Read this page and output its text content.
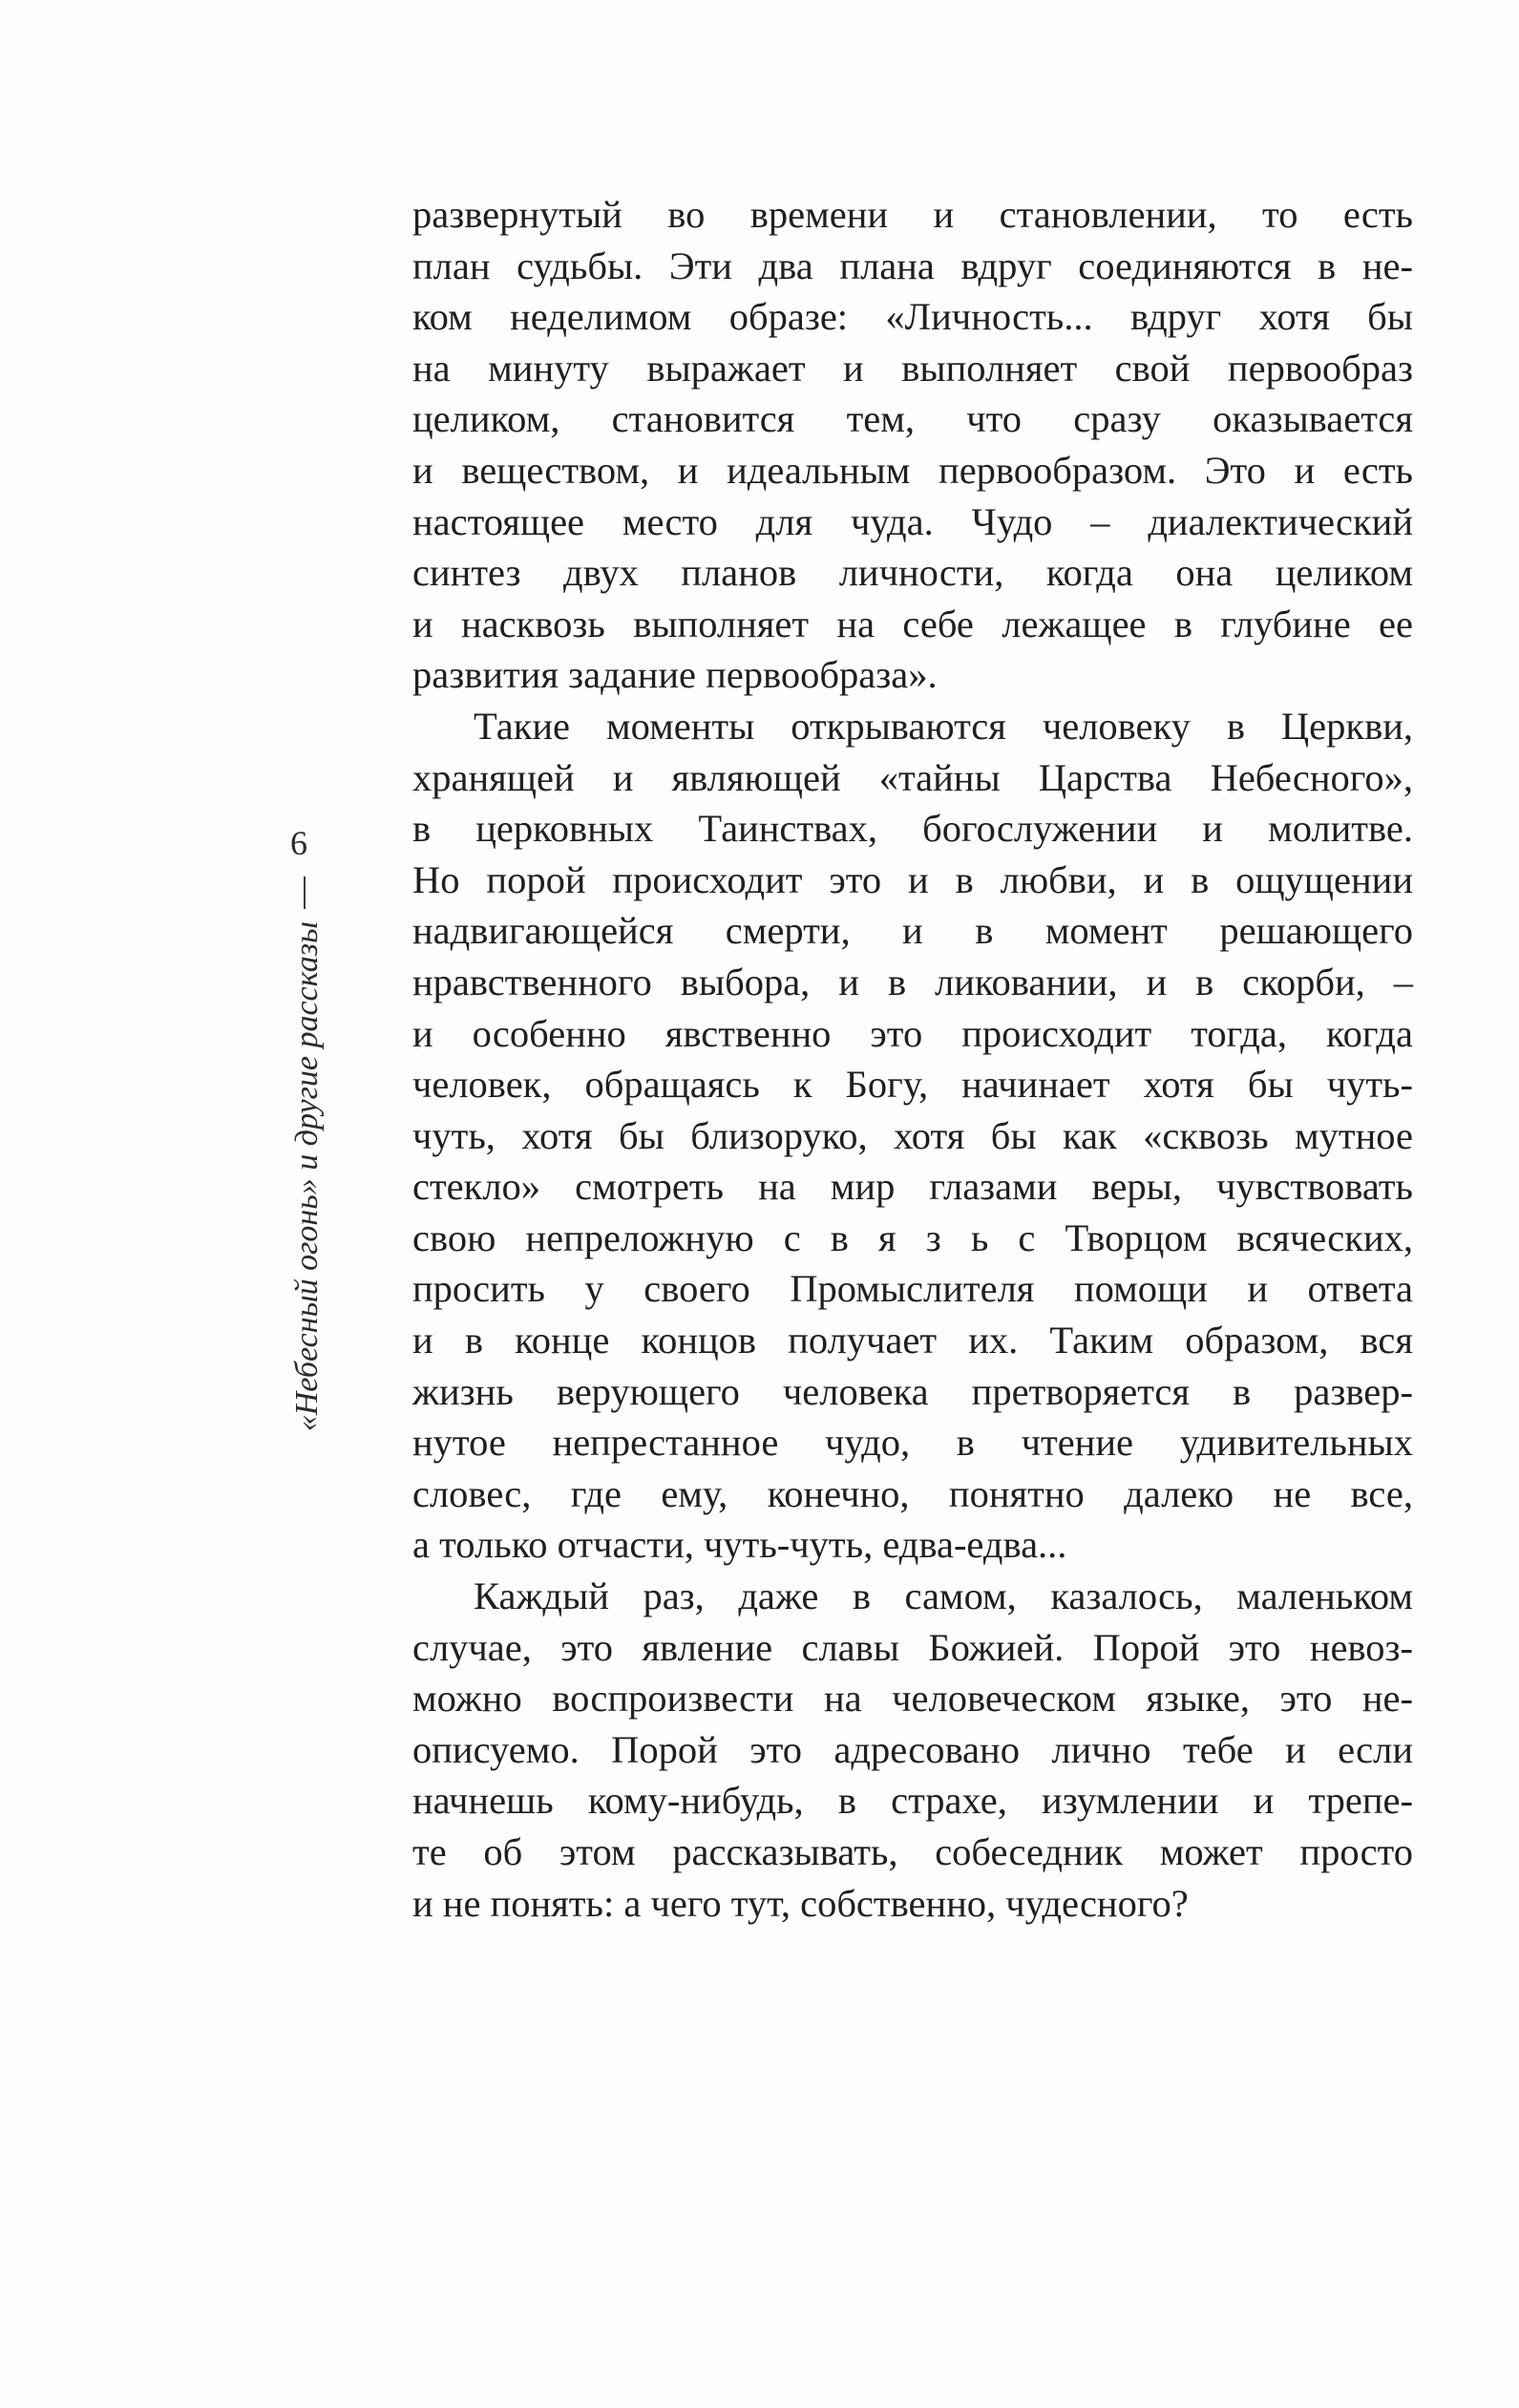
6
«Небесный огонь» и другие рассказы
развернутый во времени и становлении, то есть
план судьбы. Эти два плана вдруг соединяются в не-
ком неделимом образе: «Личность... вдруг хотя бы
на минуту выражает и выполняет свой первообраз
целиком, становится тем, что сразу оказывается
и веществом, и идеальным первообразом. Это и есть
настоящее место для чуда. Чудо – диалектический
синтез двух планов личности, когда она целиком
и насквозь выполняет на себе лежащее в глубине ее
развития задание первообраза».
Такие моменты открываются человеку в Церкви,
хранящей и являющей «тайны Царства Небесного»,
в церковных Таинствах, богослужении и молитве.
Но порой происходит это и в любви, и в ощущении
надвигающейся смерти, и в момент решающего
нравственного выбора, и в ликовании, и в скорби, –
и особенно явственно это происходит тогда, когда
человек, обращаясь к Богу, начинает хотя бы чуть-
чуть, хотя бы близоруко, хотя бы как «сквозь мутное
стекло» смотреть на мир глазами веры, чувствовать
свою непреложную с в я з ь с Творцом всяческих,
просить у своего Промыслителя помощи и ответа
и в конце концов получает их. Таким образом, вся
жизнь верующего человека претворяется в развер-
нутое непрестанное чудо, в чтение удивительных
словес, где ему, конечно, понятно далеко не все,
а только отчасти, чуть-чуть, едва-едва...
Каждый раз, даже в самом, казалось, маленьком
случае, это явление славы Божией. Порой это невоз-
можно воспроизвести на человеческом языке, это не-
описуемо. Порой это адресовано лично тебе и если
начнешь кому-нибудь, в страхе, изумлении и трепе-
те об этом рассказывать, собеседник может просто
и не понять: а чего тут, собственно, чудесного?
